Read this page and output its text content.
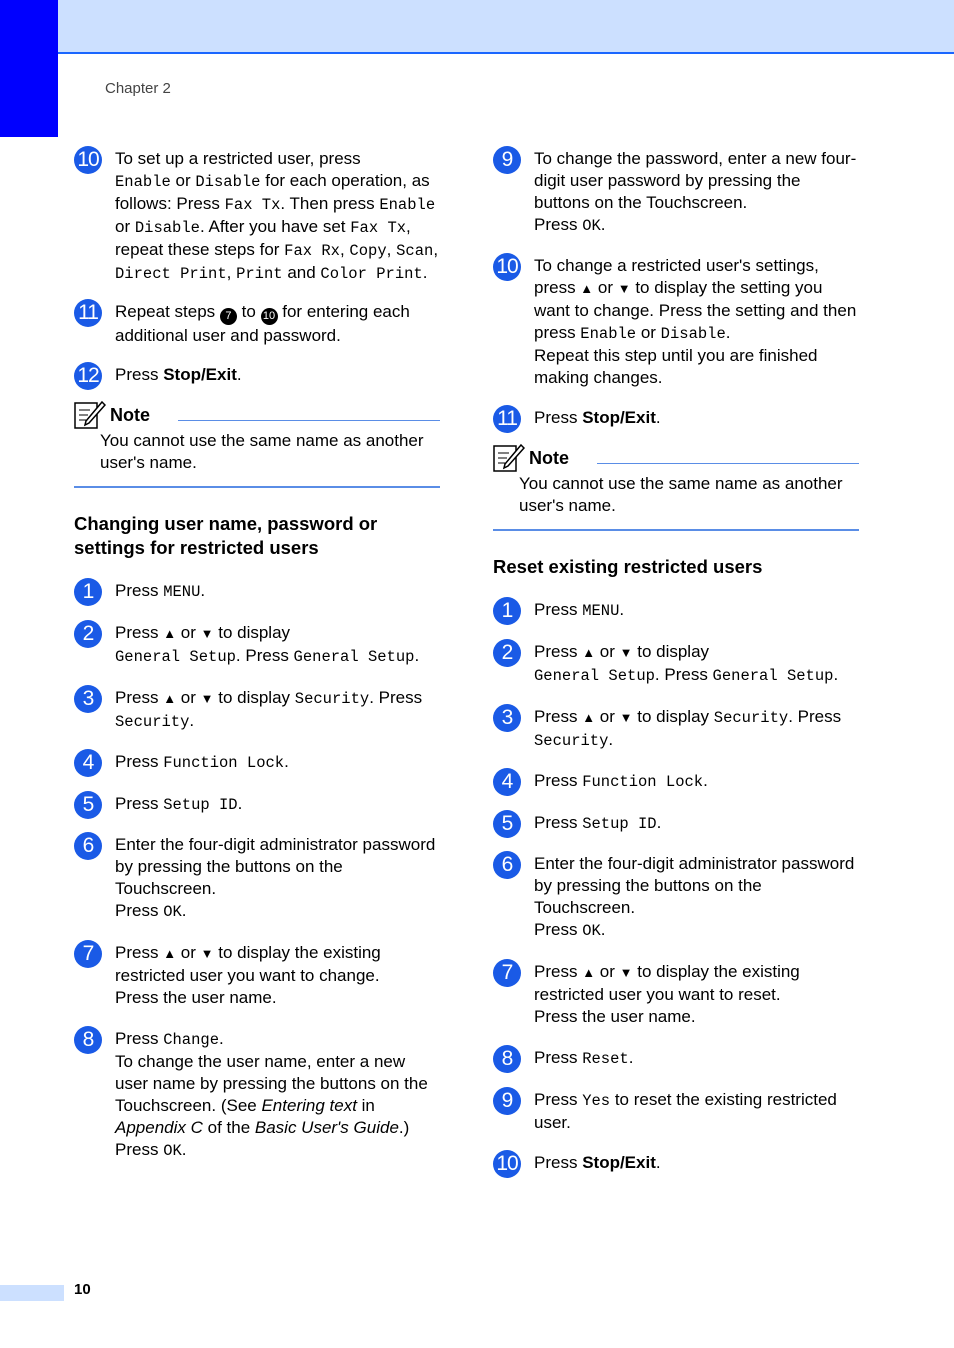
Chapter 2
10 To set up a restricted user, press
Enable or Disable for each operation, as follows: Press Fax Tx. Then press Enable or Disable. After you have set Fax Tx, repeat these steps for Fax Rx, Copy, Scan, Direct Print, Print and Color Print.
11 Repeat steps 7 to 10 for entering each additional user and password.
12 Press Stop/Exit.
Note
You cannot use the same name as another user's name.
Changing user name, password or settings for restricted users
1	Press MENU.
2	Press ▲ or ▼ to display
General Setup. Press General Setup.
3	Press ▲ or ▼ to display Security. Press Security.
4	Press Function Lock.
5	Press Setup ID.
6	Enter the four-digit administrator password by pressing the buttons on the Touchscreen.
Press OK.
7	Press ▲ or ▼ to display the existing restricted user you want to change.
Press the user name.
8	Press Change.
To change the user name, enter a new user name by pressing the buttons on the Touchscreen. (See Entering text in Appendix C of the Basic User's Guide.)
Press OK.
9	To change the password, enter a new four-digit user password by pressing the buttons on the Touchscreen.
Press OK.
10 To change a restricted user's settings, press ▲ or ▼ to display the setting you want to change. Press the setting and then press Enable or Disable.
Repeat this step until you are finished making changes.
11 Press Stop/Exit.
Note
You cannot use the same name as another user's name.
Reset existing restricted users
1	Press MENU.
2	Press ▲ or ▼ to display
General Setup. Press General Setup.
3	Press ▲ or ▼ to display Security. Press Security.
4	Press Function Lock.
5	Press Setup ID.
6	Enter the four-digit administrator password by pressing the buttons on the Touchscreen.
Press OK.
7	Press ▲ or ▼ to display the existing restricted user you want to reset.
Press the user name.
8	Press Reset.
9	Press Yes to reset the existing restricted user.
10 Press Stop/Exit.
10
